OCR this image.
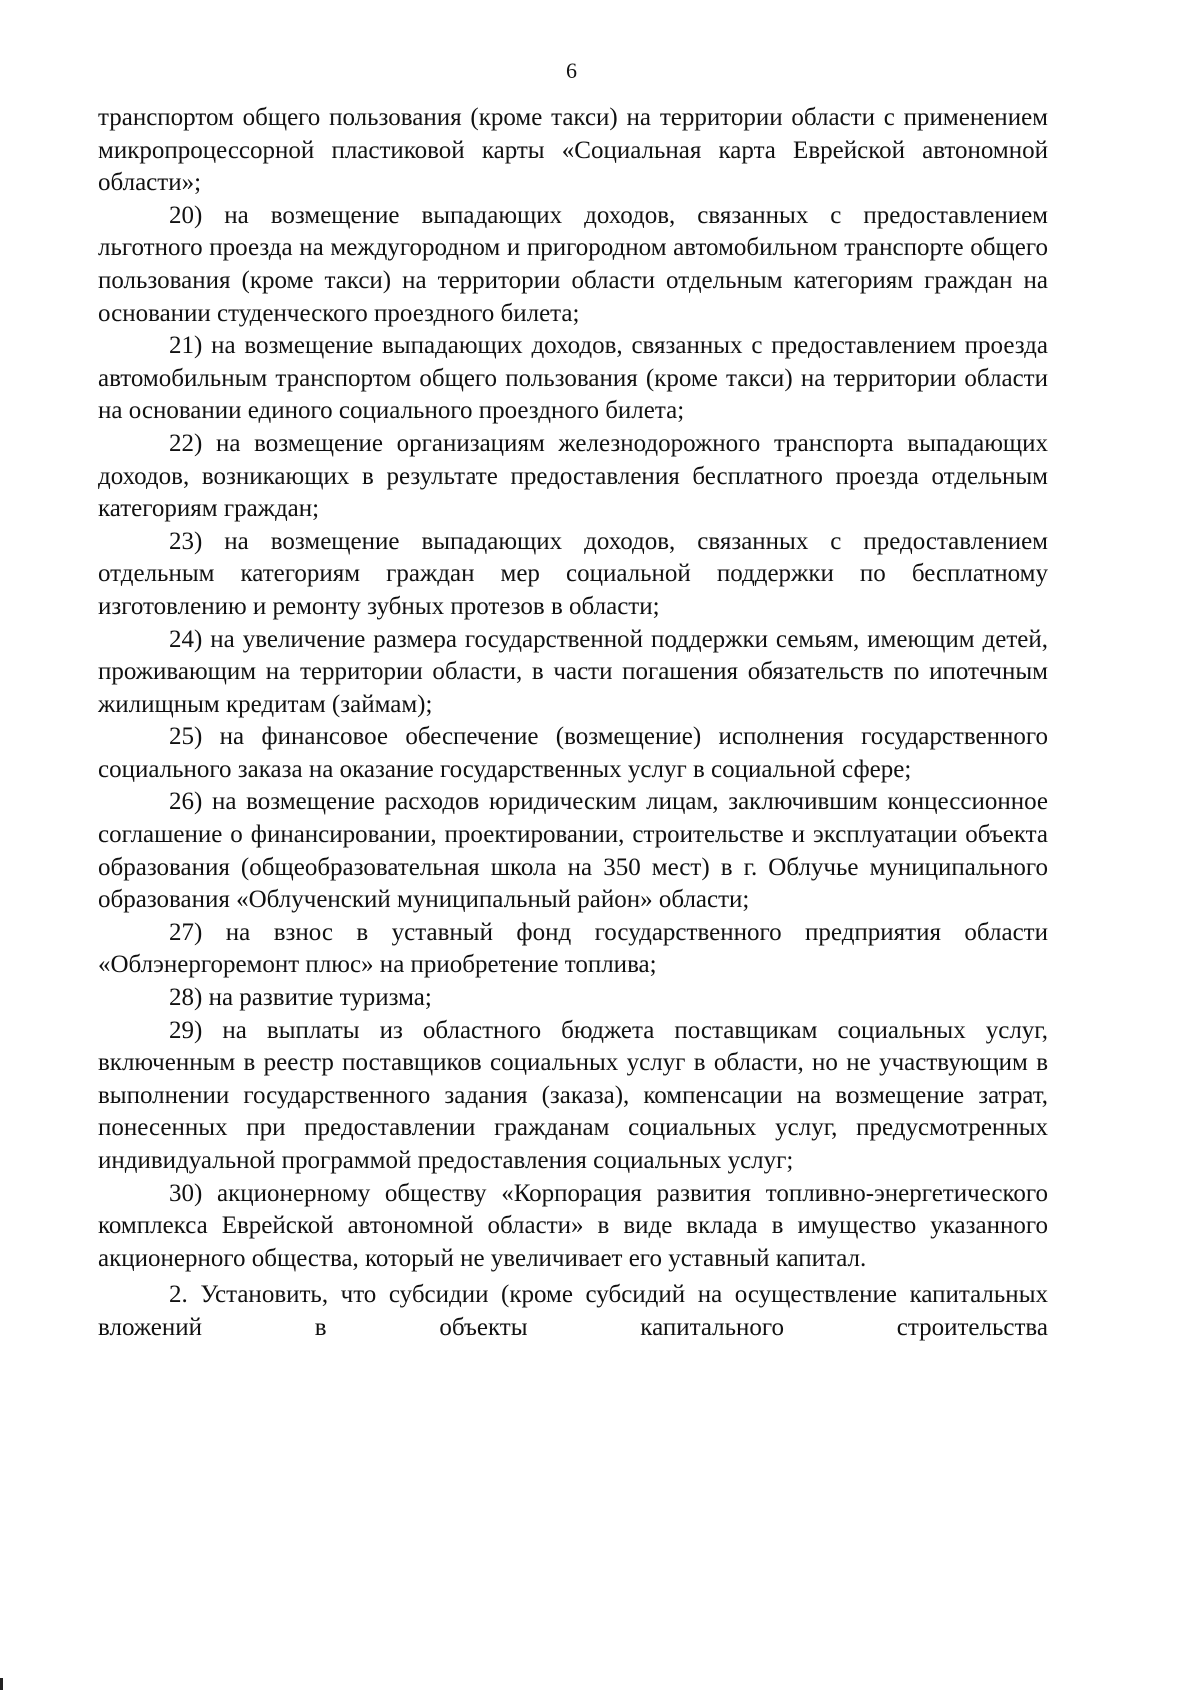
6

транспортом общего пользования (кроме такси) на территории области с применением микропроцессорной пластиковой карты «Социальная карта Еврейской автономной области»;

20) на возмещение выпадающих доходов, связанных с предоставлением льготного проезда на междугородном и пригородном автомобильном транспорте общего пользования (кроме такси) на территории области отдельным категориям граждан на основании студенческого проездного билета;

21) на возмещение выпадающих доходов, связанных с предоставлением проезда автомобильным транспортом общего пользования (кроме такси) на территории области на основании единого социального проездного билета;

22) на возмещение организациям железнодорожного транспорта выпадающих доходов, возникающих в результате предоставления бесплатного проезда отдельным категориям граждан;

23) на возмещение выпадающих доходов, связанных с предоставлением отдельным категориям граждан мер социальной поддержки по бесплатному изготовлению и ремонту зубных протезов в области;

24) на увеличение размера государственной поддержки семьям, имеющим детей, проживающим на территории области, в части погашения обязательств по ипотечным жилищным кредитам (займам);

25) на финансовое обеспечение (возмещение) исполнения государственного социального заказа на оказание государственных услуг в социальной сфере;

26) на возмещение расходов юридическим лицам, заключившим концессионное соглашение о финансировании, проектировании, строительстве и эксплуатации объекта образования (общеобразовательная школа на 350 мест) в г. Облучье муниципального образования «Облученский муниципальный район» области;

27) на взнос в уставный фонд государственного предприятия области «Облэнергоремонт плюс» на приобретение топлива;

28) на развитие туризма;

29) на выплаты из областного бюджета поставщикам социальных услуг, включенным в реестр поставщиков социальных услуг в области, но не участвующим в выполнении государственного задания (заказа), компенсации на возмещение затрат, понесенных при предоставлении гражданам социальных услуг, предусмотренных индивидуальной программой предоставления социальных услуг;

30) акционерному обществу «Корпорация развития топливно-энергетического комплекса Еврейской автономной области» в виде вклада в имущество указанного акционерного общества, который не увеличивает его уставный капитал.

2. Установить, что субсидии (кроме субсидий на осуществление капитальных вложений в объекты капитального строительства
